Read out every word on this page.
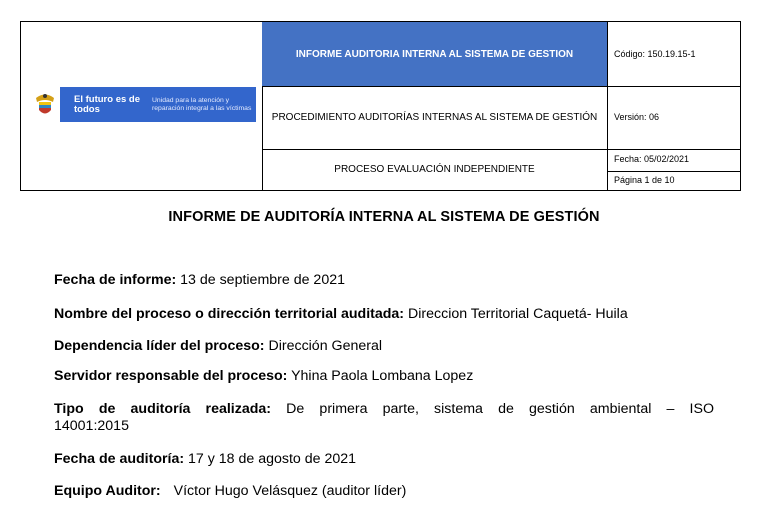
El futuro es de todos
Unidad para la atención y reparación integral a las víctimas
INFORME AUDITORIA INTERNA AL SISTEMA DE GESTION
PROCEDIMIENTO AUDITORÍAS INTERNAS AL SISTEMA DE GESTIÓN
PROCESO EVALUACIÓN INDEPENDIENTE
Código: 150.19.15-1
Versión: 06
Fecha: 05/02/2021
Página 1 de 10
INFORME DE AUDITORÍA INTERNA AL SISTEMA DE GESTIÓN
Fecha de informe: 13 de septiembre de 2021
Nombre del proceso o dirección territorial auditada: Direccion Territorial Caquetá- Huila
Dependencia líder del proceso: Dirección General
Servidor responsable del proceso: Yhina Paola Lombana Lopez
Tipo de auditoría realizada: De primera parte, sistema de gestión ambiental – ISO
14001:2015
Fecha de auditoría: 17 y 18 de agosto de 2021
Equipo Auditor: Víctor Hugo Velásquez (auditor líder)
